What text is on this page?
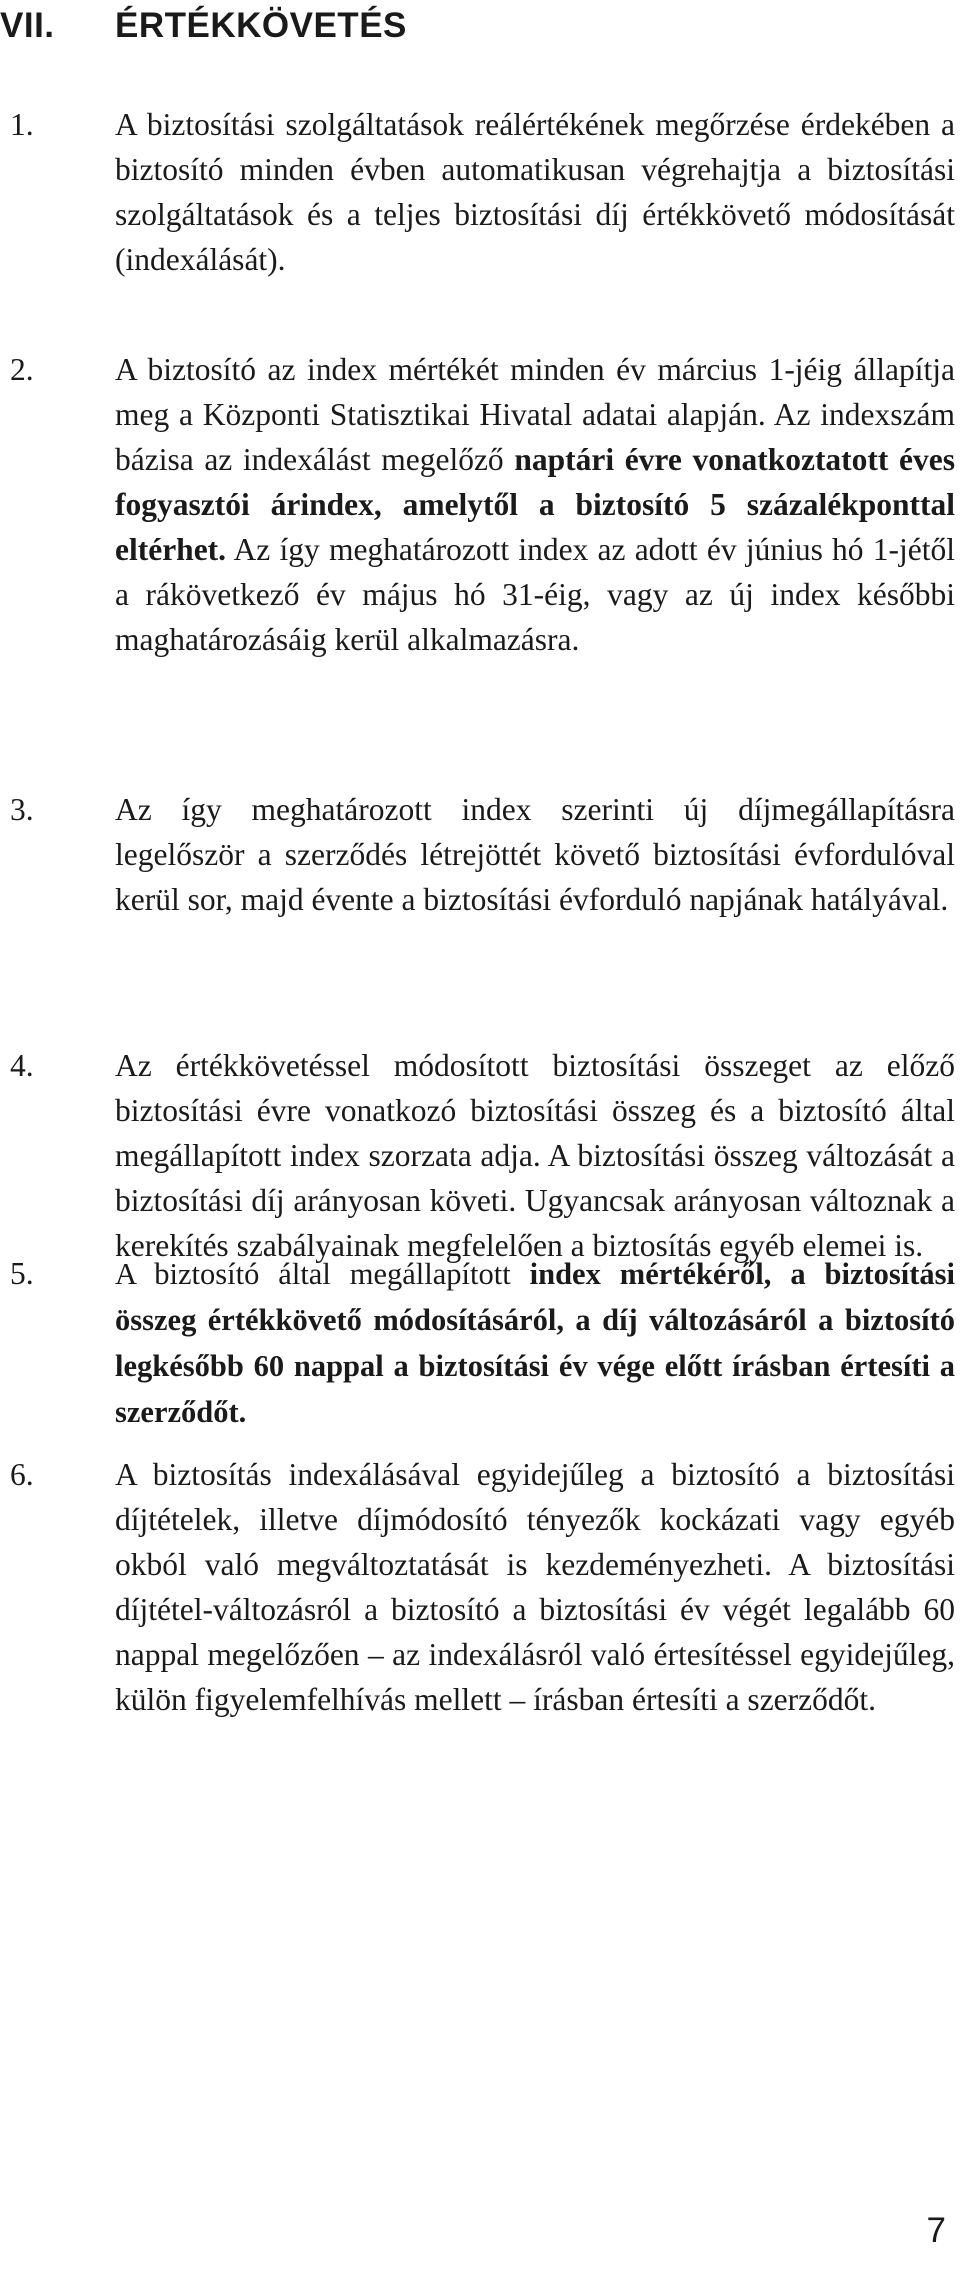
VII. ÉRTÉKKÖVETÉS
1.	A biztosítási szolgáltatások reálértékének megőrzése érdekében a biztosító minden évben automatikusan végrehajtja a biztosítási szolgáltatások és a teljes biztosítási díj értékkövető módosítását (indexálását).
2.	A biztosító az index mértékét minden év március 1-jéig állapítja meg a Központi Statisztikai Hivatal adatai alapján. Az indexszám bázisa az indexálást megelőző naptári évre vonatkoztatott éves fogyasztói árindex, amelytől a biztosító 5 százalékponttal eltérhet. Az így meghatározott index az adott év június hó 1-jétől a rákövetkező év május hó 31-éig, vagy az új index későbbi maghatározásáig kerül alkalmazásra.
3.	Az így meghatározott index szerinti új díjmegállapításra legelőször a szerződés létrejöttét követő biztosítási évfordulóval kerül sor, majd évente a biztosítási évforduló napjának hatályával.
4.	Az értékkövetéssel módosított biztosítási összeget az előző biztosítási évre vonatkozó biztosítási összeg és a biztosító által megállapított index szorzata adja. A biztosítási összeg változását a biztosítási díj arányosan követi. Ugyancsak arányosan változnak a kerekítés szabályainak megfelelően a biztosítás egyéb elemei is.
5.	A biztosító által megállapított index mértékéről, a biztosítási összeg értékkövető módosításáról, a díj változásáról a biztosító legkésőbb 60 nappal a biztosítási év vége előtt írásban értesíti a szerződőt.
6.	A biztosítás indexálásával egyidejűleg a biztosító a biztosítási díjtételek, illetve díjmódosító tényezők kockázati vagy egyéb okból való megváltoztatását is kezdeményezheti. A biztosítási díjtétel-változásról a biztosító a biztosítási év végét legalább 60 nappal megelőzően – az indexálásról való értesítéssel egyidejűleg, külön figyelemfelhívás mellett – írásban értesíti a szerződőt.
7
